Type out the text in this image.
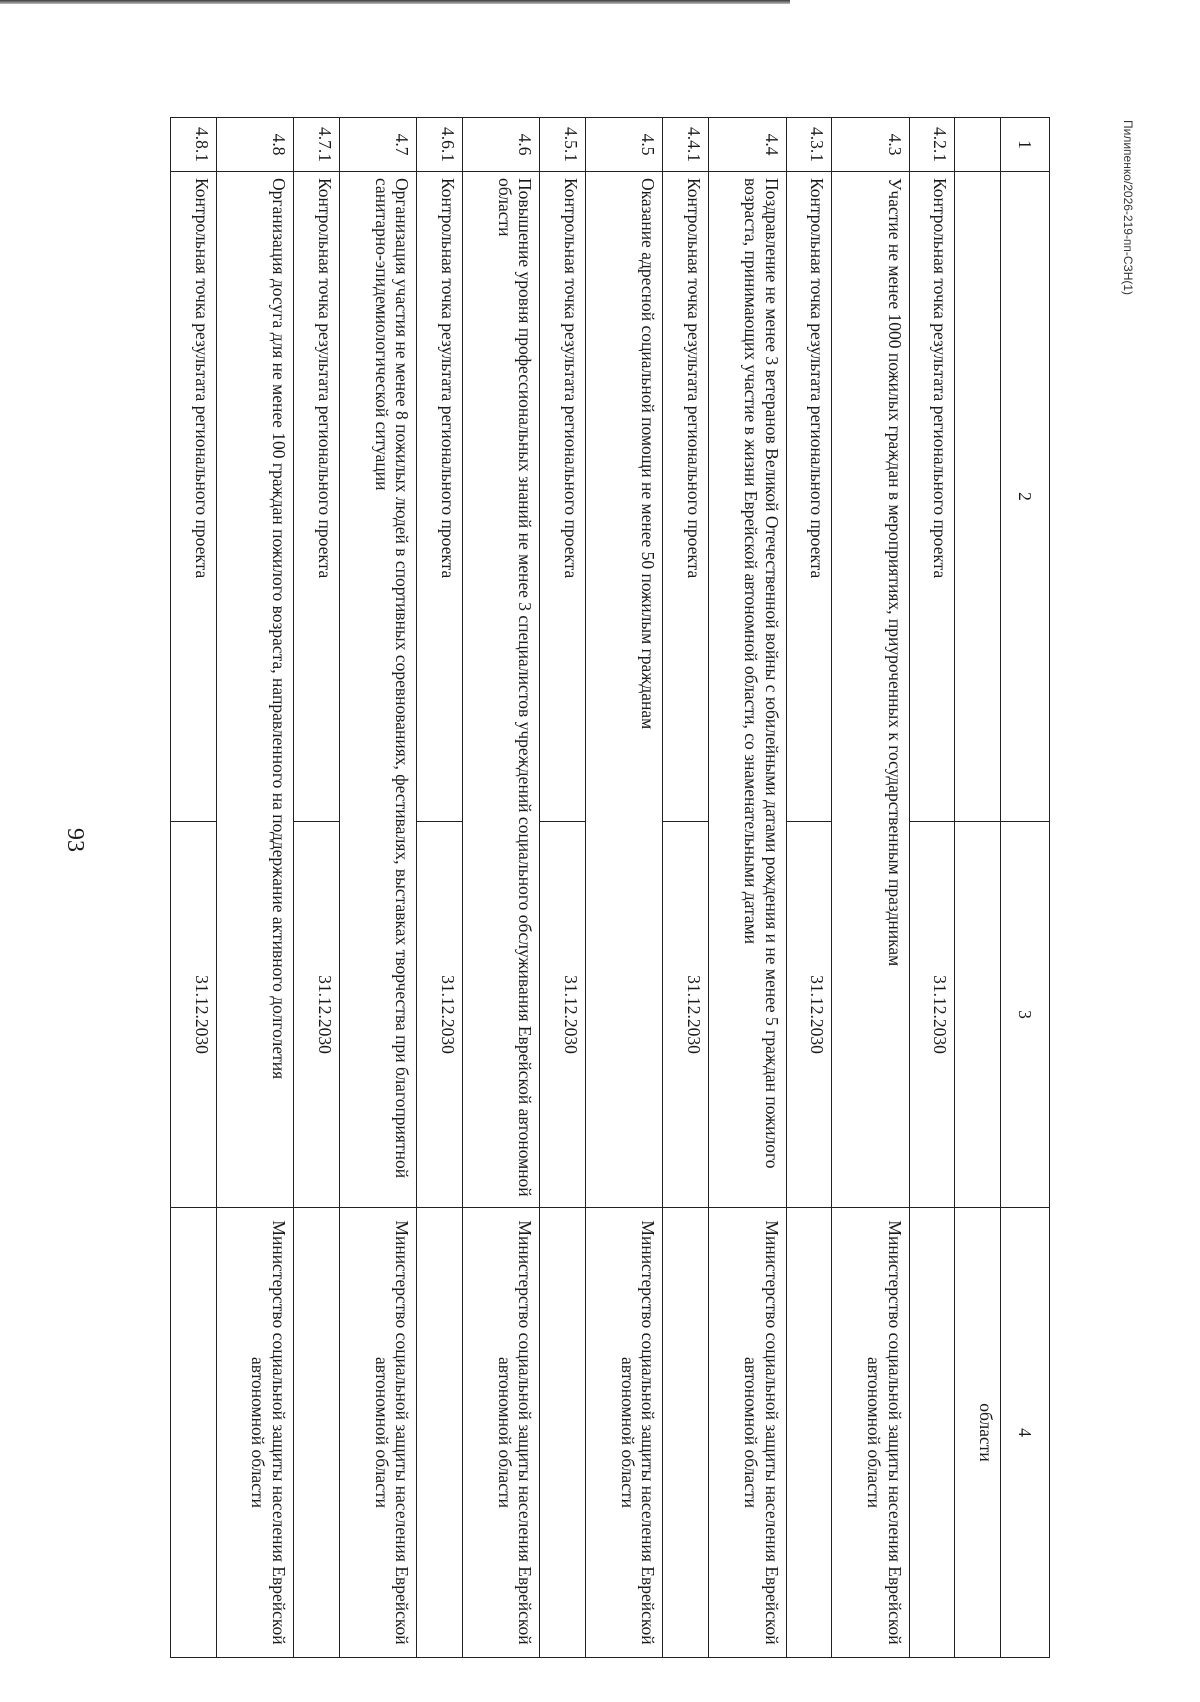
93
Пилипенко/2026-219-пп-СЗН(1)
1	2	3	4
			области
4.2.1	Контрольная точка результата регионального проекта	31.12.2030	
4.3	Участие не менее 1000 пожилых граждан в мероприятиях, приуроченных к государственным праздникам		Министерство социальной защиты населения Еврейской автономной области
4.3.1	Контрольная точка результата регионального проекта	31.12.2030	
4.4	Поздравление не менее 3 ветеранов Великой Отечественной войны с юбилейными датами рождения и не менее 5 граждан пожилого возраста, принимающих участие в жизни Еврейской автономной области, со знаменательными датами		Министерство социальной защиты населения Еврейской автономной области
4.4.1	Контрольная точка результата регионального проекта	31.12.2030	
4.5	Оказание адресной социальной помощи не менее 50 пожилым гражданам		Министерство социальной защиты населения Еврейской автономной области
4.5.1	Контрольная точка результата регионального проекта	31.12.2030	
4.6	Повышение уровня профессиональных знаний не менее 3 специалистов учреждений социального обслуживания Еврейской автономной области		Министерство социальной защиты населения Еврейской автономной области
4.6.1	Контрольная точка результата регионального проекта	31.12.2030	
4.7	Организация участия не менее 8 пожилых людей в спортивных соревнованиях, фестивалях, выставках творчества при благоприятной санитарно-эпидемиологической ситуации		Министерство социальной защиты населения Еврейской автономной области
4.7.1	Контрольная точка результата регионального проекта	31.12.2030	
4.8	Организация досуга для не менее 100 граждан пожилого возраста, направленного на поддержание активного долголетия		Министерство социальной защиты населения Еврейской автономной области
4.8.1	Контрольная точка результата регионального проекта	31.12.2030	
